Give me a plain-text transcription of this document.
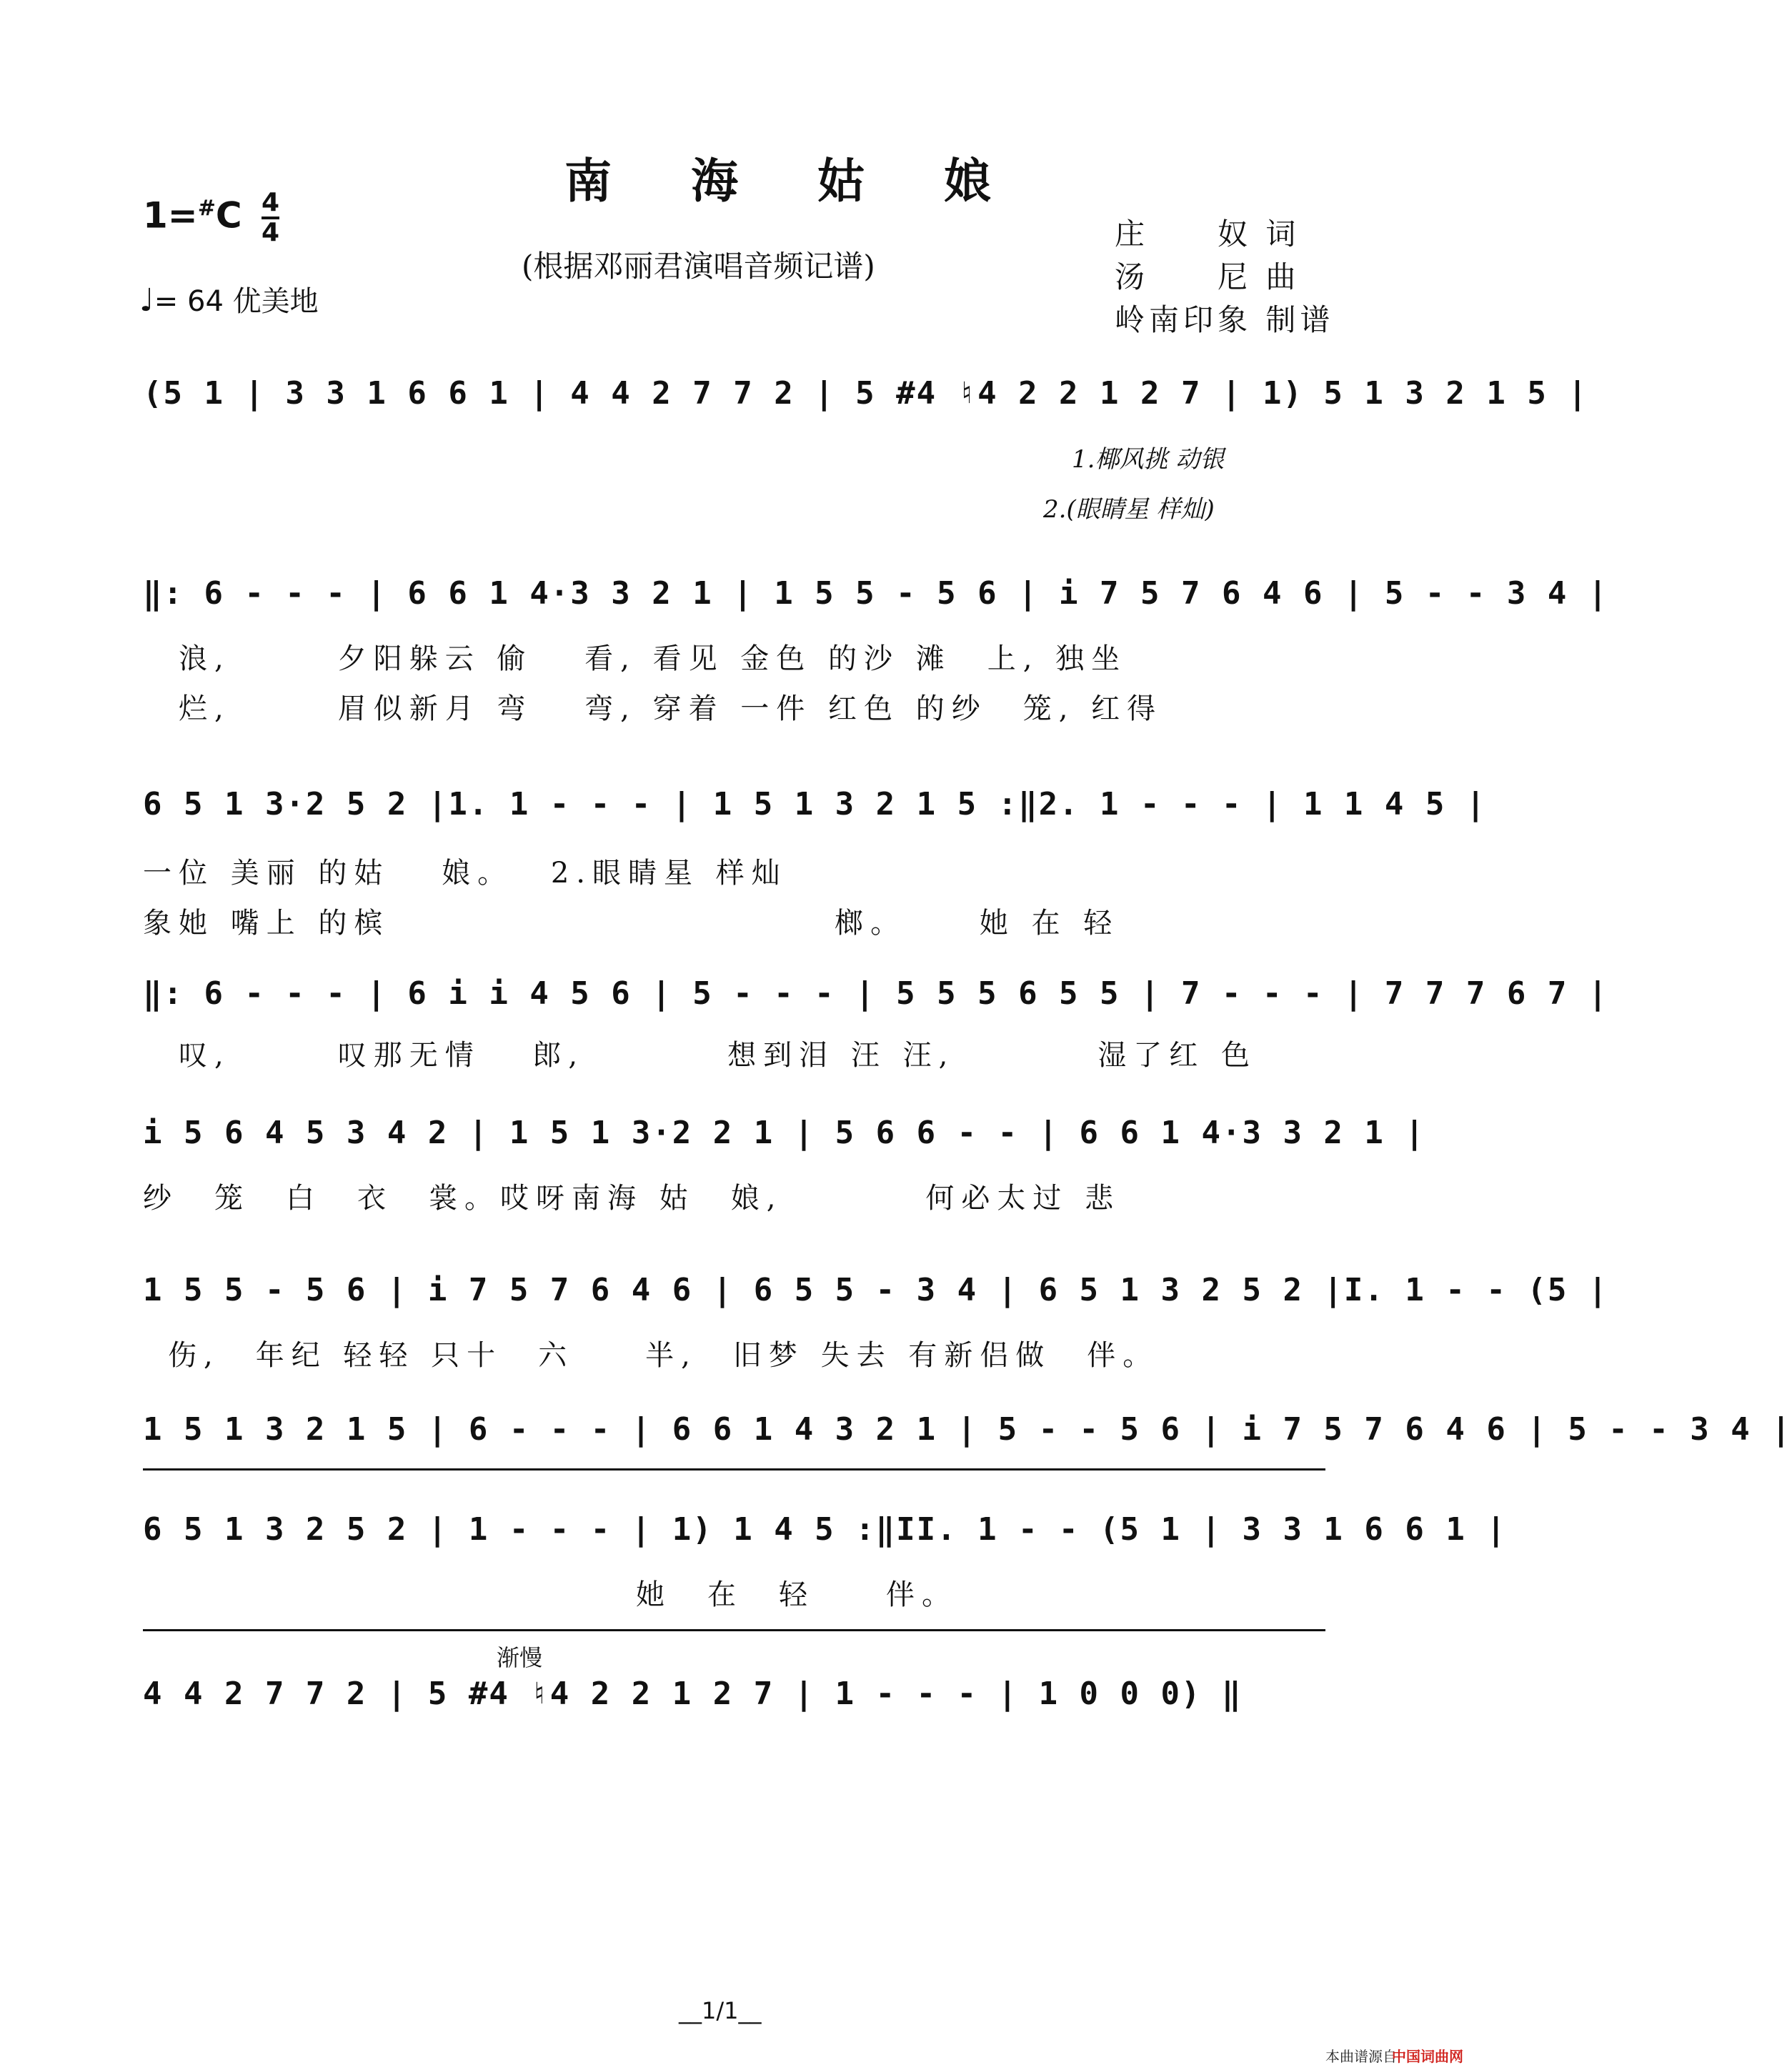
南 海 姑 娘
(根据邓丽君演唱音频记谱)
$1=^{\#}C \frac{4}{4}$
♩= 64 优美地
庄　　奴 词
汤　　尼 曲
岭南印象 制谱
(5 1 | 3 3 1 6 6 1 | 4 4 2 7 7 2 | 5 #4 ♮4 2 2 1 2 7 | 1) 5 1 3 2 1 5 |
1.椰风挑 动银
2.(眼睛星 样灿)
‖: 6 - - - | 6 6 1 4·3 3 2 1 | 1 5 5 - 5 6 | i 7 5 7 6 4 6 | 5 - - 3 4 |
浪,　　　夕阳躲云 偷　 看, 看见 金色 的沙 滩　上, 独坐
烂,　　　眉似新月 弯　 弯, 穿着 一件 红色 的纱　笼, 红得
6 5 1 3·2 5 2 |1. 1 - - - | 1 5 1 3 2 1 5 :‖2. 1 - - - | 1 1 4 5 |
一位 美丽 的姑　 娘。　 2.眼睛星 样灿
象她 嘴上 的槟　　　　　　　　　　　　 榔。　　 她 在 轻
‖: 6 - - - | 6 i i 4 5 6 | 5 - - - | 5 5 5 6 5 5 | 7 - - - | 7 7 7 6 7 |
叹,　　　叹那无情　 郎,　　　　想到泪 汪 汪,　　　　湿了红 色
i 5 6 4 5 3 4 2 | 1 5 1 3·2 2 1 | 5 6 6 - - | 6 6 1 4·3 3 2 1 |
纱　笼　白　衣　裳。哎呀南海 姑　娘,　　　　何必太过 悲
1 5 5 - 5 6 | i 7 5 7 6 4 6 | 6 5 5 - 3 4 | 6 5 1 3 2 5 2 |I. 1 - - (5 |
伤,　年纪 轻轻 只十　六　　半,　旧梦 失去 有新侣做　伴。
1 5 1 3 2 1 5 | 6 - - - | 6 6 1 4 3 2 1 | 5 - - 5 6 | i 7 5 7 6 4 6 | 5 - - 3 4 |
6 5 1 3 2 5 2 | 1 - - - | 1) 1 4 5 :‖II. 1 - - (5 1 | 3 3 1 6 6 1 |
她　在　轻　　伴。
渐慢
4 4 2 7 7 2 | 5 #4 ♮4 2 2 1 2 7 | 1 - - - | 1 0 0 0) ‖
__1/1__
本曲谱源自
中国词曲网
